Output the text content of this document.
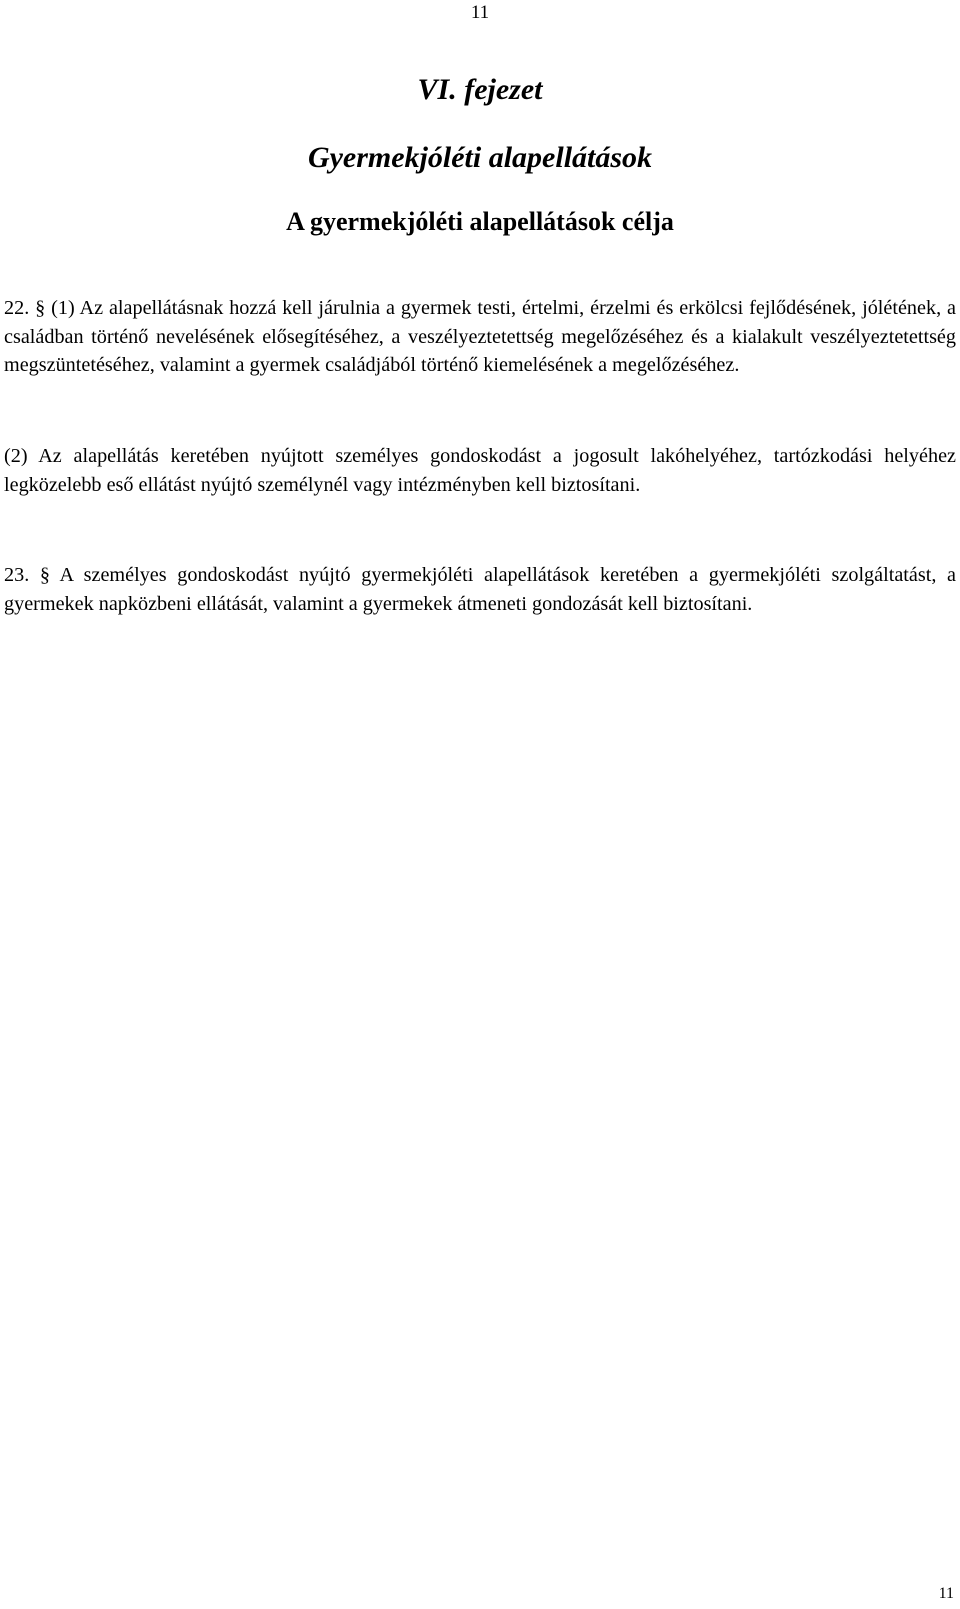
11
VI. fejezet
Gyermekjóléti alapellátások
A gyermekjóléti alapellátások célja

22. § (1) Az alapellátásnak hozzá kell járulnia a gyermek testi, értelmi, érzelmi és erkölcsi fejlődésének, jólétének, a családban történő nevelésének elősegítéséhez, a veszélyeztetettség megelőzéséhez és a kialakult veszélyeztetettség megszüntetéséhez, valamint a gyermek családjából történő kiemelésének a megelőzéséhez.

(2) Az alapellátás keretében nyújtott személyes gondoskodást a jogosult lakóhelyéhez, tartózkodási helyéhez legközelebb eső ellátást nyújtó személynél vagy intézményben kell biztosítani.

23. § A személyes gondoskodást nyújtó gyermekjóléti alapellátások keretében a gyermekjóléti szolgáltatást, a gyermekek napközbeni ellátását, valamint a gyermekek átmeneti gondozását kell biztosítani.

11
